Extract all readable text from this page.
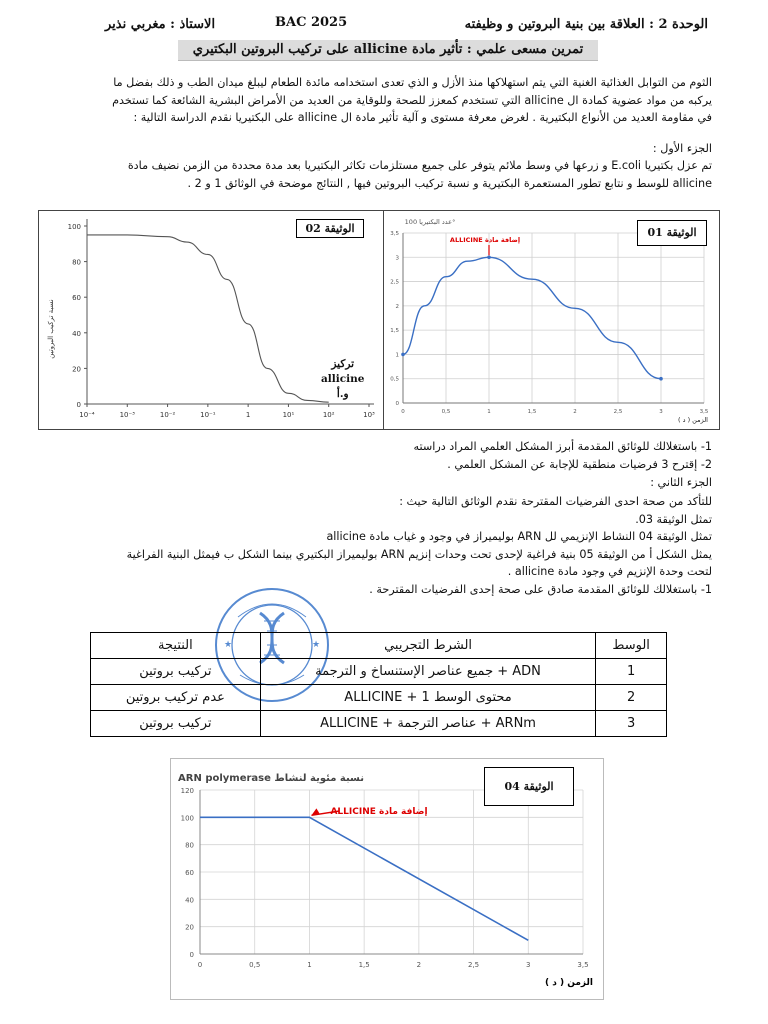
الوحدة 2 : العلاقة بين بنية البروتين و وظيفته
BAC 2025
الاستاذ : مغربي نذير
تمرين مسعى علمي : تأثير مادة allicine على تركيب البروتين البكتيري

الثوم من التوابل الغذائية الغنية التي يتم استهلاكها منذ الأزل و الذي تعدى استخدامه مائدة الطعام ليبلغ ميدان الطب و ذلك بفضل ما

يركبه من مواد عضوية كمادة ال allicine التي تستخدم كمعزز للصحة وللوقاية من العديد من الأمراض البشرية الشائعة كما تستخدم

في مقاومة العديد من الأنواع البكتيرية . لغرض معرفة مستوى و آلية تأثير مادة ال allicine على البكتيريا نقدم الدراسة التالية :

الجزء الأول :

تم عزل بكتيريا E.coli و زرعها في وسط ملائم يتوفر على جميع مستلزمات تكاثر البكتيريا بعد مدة محددة من الزمن نضيف مادة

allicine للوسط و نتابع تطور المستعمرة البكتيرية و نسبة تركيب البروتين فيها , النتائج موضحة في الوثائق 1 و 2 .

100
80
60
40
20
0
10⁻⁴	10⁻³	10⁻²	10⁻¹	1	10¹	10²	10³
نسبة تركيب البروتين
الوثيقة 02
تركيز
allicine
و.أ
3,5
3
2,5
2
1,5
1
0,5
0
0	0,5	1	1,5	2	2,5	3	3,5
ALLICINE إضافة مادة
عدد البكتيريا 100°
الزمن ( د )
الوثيقة 01

1- باستغلالك للوثائق المقدمة أبرز المشكل العلمي المراد دراسته

2- إقترح 3 فرضيات منطقية للإجابة عن المشكل العلمي .

الجزء الثاني :

للتأكد من صحة احدى الفرضيات المقترحة نقدم الوثائق التالية حيث :

تمثل الوثيقة 03.

تمثل الوثيقة 04 النشاط الإنزيمي لل ARN بوليميراز في وجود و غياب مادة allicine

يمثل الشكل أ من الوثيقة 05 بنية فراغية لإحدى تحت وحدات إنزيم ARN بوليميراز البكتيري بينما الشكل ب فيمثل البنية الفراغية

لتحت وحدة الإنزيم في وجود مادة allicine .

1- باستغلالك للوثائق المقدمة صادق على صحة إحدى الفرضيات المقترحة .

★	★	الوسط	الشرط التجريبي	النتيجة
1	ADN + جميع عناصر الإستنساخ و الترجمة	تركيب بروتين
2	محتوى الوسط 1 + ALLICINE	عدم تركيب بروتين
3	ARNm + عناصر الترجمة + ALLICINE	تركيب بروتين
120
100
80
60
40
20
0
0	0,5	1	1,5	2	2,5	3	3,5
ALLICINE إضافة مادة
ARN polymerase نسبة مئوية لنشاط
الزمن ( د )
الوثيقة 04
